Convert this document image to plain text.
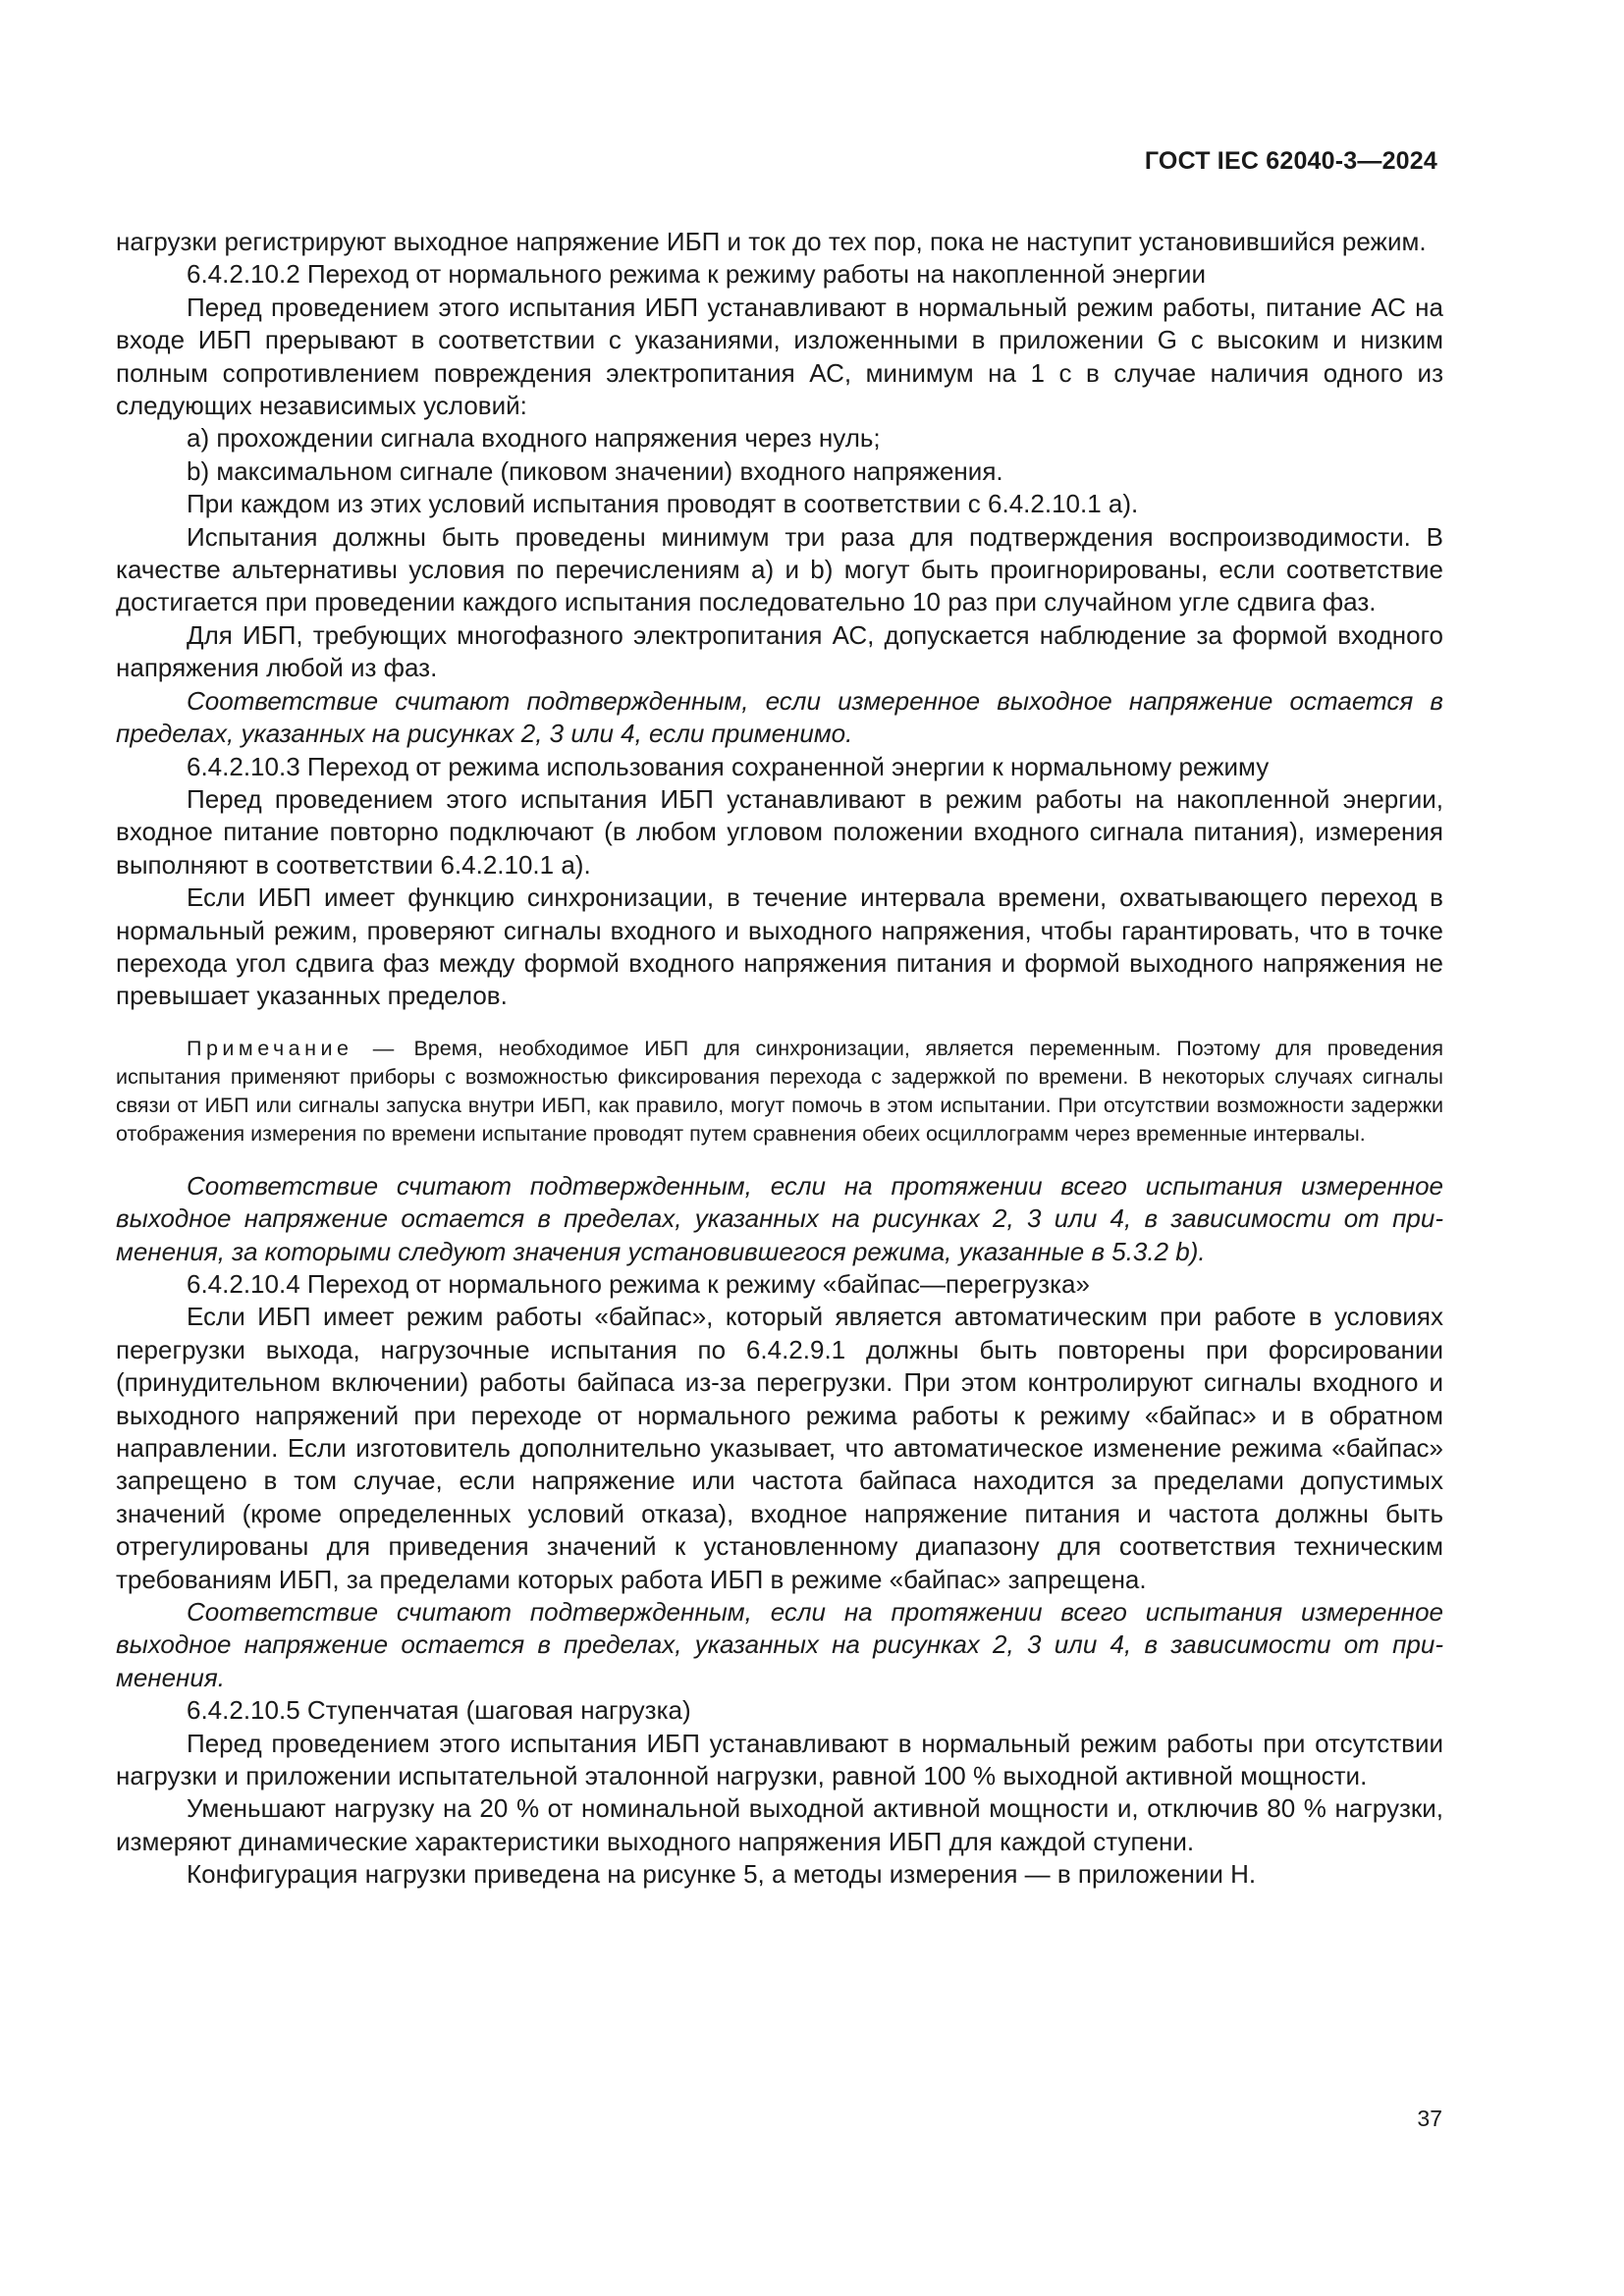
ГОСТ IEC 62040-3—2024

нагрузки регистрируют выходное напряжение ИБП и ток до тех пор, пока не наступит установившийся режим.

6.4.2.10.2 Переход от нормального режима к режиму работы на накопленной энергии

Перед проведением этого испытания ИБП устанавливают в нормальный режим работы, питание АС на входе ИБП прерывают в соответствии с указаниями, изложенными в приложении G с высоким и низким полным сопротивлением повреждения электропитания АС, минимум на 1 с в случае наличия одного из следующих независимых условий:

a) прохождении сигнала входного напряжения через нуль;

b) максимальном сигнале (пиковом значении) входного напряжения.

При каждом из этих условий испытания проводят в соответствии с 6.4.2.10.1 a).

Испытания должны быть проведены минимум три раза для подтверждения воспроизводимости. В качестве альтернативы условия по перечислениям a) и b) могут быть проигнорированы, если соответствие достигается при проведении каждого испытания последовательно 10 раз при случайном угле сдвига фаз.

Для ИБП, требующих многофазного электропитания АС, допускается наблюдение за формой входного напряжения любой из фаз.

Соответствие считают подтвержденным, если измеренное выходное напряжение остается в пределах, указанных на рисунках 2, 3 или 4, если применимо.

6.4.2.10.3 Переход от режима использования сохраненной энергии к нормальному режиму

Перед проведением этого испытания ИБП устанавливают в режим работы на накопленной энергии, входное питание повторно подключают (в любом угловом положении входного сигнала питания), измерения выполняют в соответствии 6.4.2.10.1 a).

Если ИБП имеет функцию синхронизации, в течение интервала времени, охватывающего переход в нормальный режим, проверяют сигналы входного и выходного напряжения, чтобы гарантировать, что в точке перехода угол сдвига фаз между формой входного напряжения питания и формой выходного напряжения не превышает указанных пределов.

Примечание — Время, необходимое ИБП для синхронизации, является переменным. Поэтому для проведения испытания применяют приборы с возможностью фиксирования перехода с задержкой по времени. В некоторых случаях сигналы связи от ИБП или сигналы запуска внутри ИБП, как правило, могут помочь в этом испытании. При отсутствии возможности задержки отображения измерения по времени испытание проводят путем сравнения обеих осциллограмм через временные интервалы.

Соответствие считают подтвержденным, если на протяжении всего испытания измеренное выходное напряжение остается в пределах, указанных на рисунках 2, 3 или 4, в зависимости от применения, за которыми следуют значения установившегося режима, указанные в 5.3.2 b).

6.4.2.10.4 Переход от нормального режима к режиму «байпас—перегрузка»

Если ИБП имеет режим работы «байпас», который является автоматическим при работе в условиях перегрузки выхода, нагрузочные испытания по 6.4.2.9.1 должны быть повторены при форсировании (принудительном включении) работы байпаса из-за перегрузки. При этом контролируют сигналы входного и выходного напряжений при переходе от нормального режима работы к режиму «байпас» и в обратном направлении. Если изготовитель дополнительно указывает, что автоматическое изменение режима «байпас» запрещено в том случае, если напряжение или частота байпаса находится за пределами допустимых значений (кроме определенных условий отказа), входное напряжение питания и частота должны быть отрегулированы для приведения значений к установленному диапазону для соответствия техническим требованиям ИБП, за пределами которых работа ИБП в режиме «байпас» запрещена.

Соответствие считают подтвержденным, если на протяжении всего испытания измеренное выходное напряжение остается в пределах, указанных на рисунках 2, 3 или 4, в зависимости от применения.

6.4.2.10.5 Ступенчатая (шаговая нагрузка)

Перед проведением этого испытания ИБП устанавливают в нормальный режим работы при отсутствии нагрузки и приложении испытательной эталонной нагрузки, равной 100 % выходной активной мощности.

Уменьшают нагрузку на 20 % от номинальной выходной активной мощности и, отключив 80 % нагрузки, измеряют динамические характеристики выходного напряжения ИБП для каждой ступени.

Конфигурация нагрузки приведена на рисунке 5, а методы измерения — в приложении H.

37
